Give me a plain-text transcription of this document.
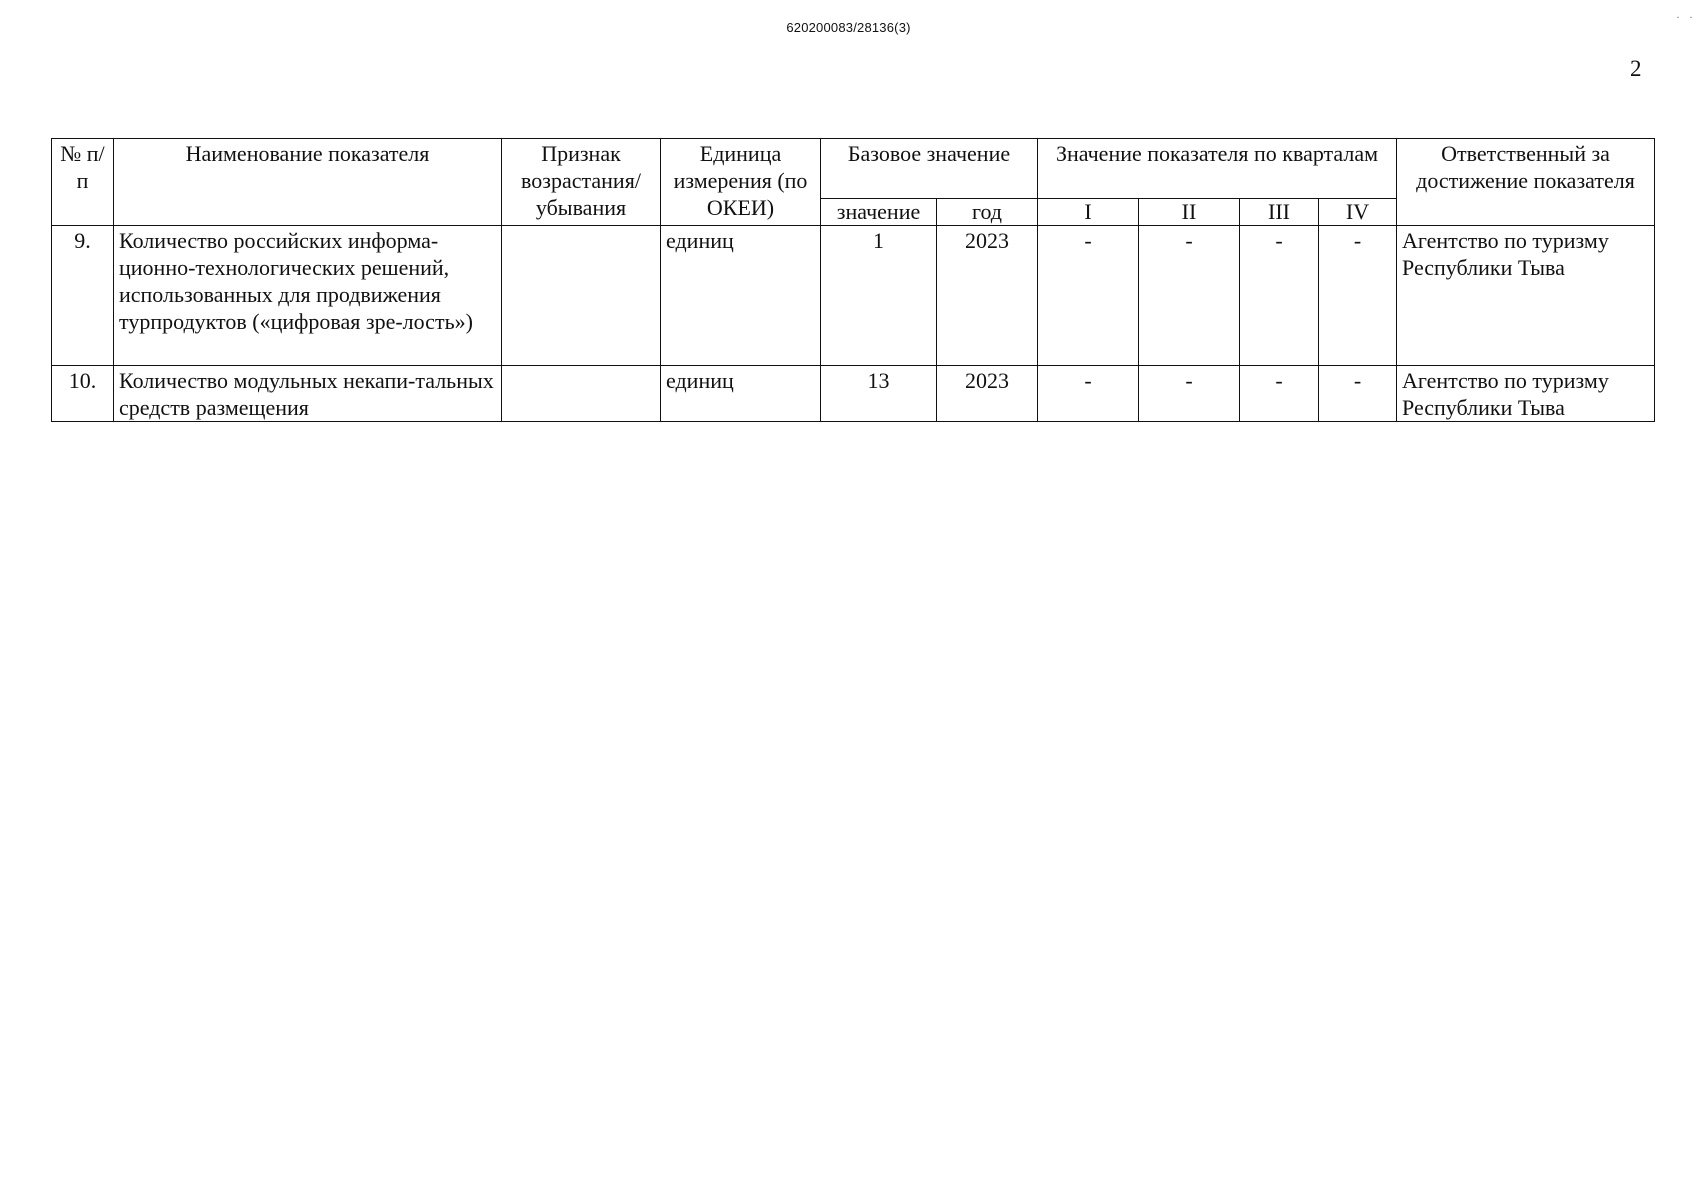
620200083/28136(3)
2
· ·
№ п/п	Наименование показателя	Признак возрастания/ убывания	Единица измерения (по ОКЕИ)	Базовое значение		Значение показателя по кварталам				Ответственный за достижение показателя
				значение	год	I	II	III	IV	
9.	Количество российских информа-ционно-технологических решений, использованных для продвижения турпродуктов («цифровая зре-лость»)		единиц	1	2023	-	-	-	-	Агентство по туризму Республики Тыва
10.	Количество модульных некапи-тальных средств размещения		единиц	13	2023	-	-	-	-	Агентство по туризму Республики Тыва
